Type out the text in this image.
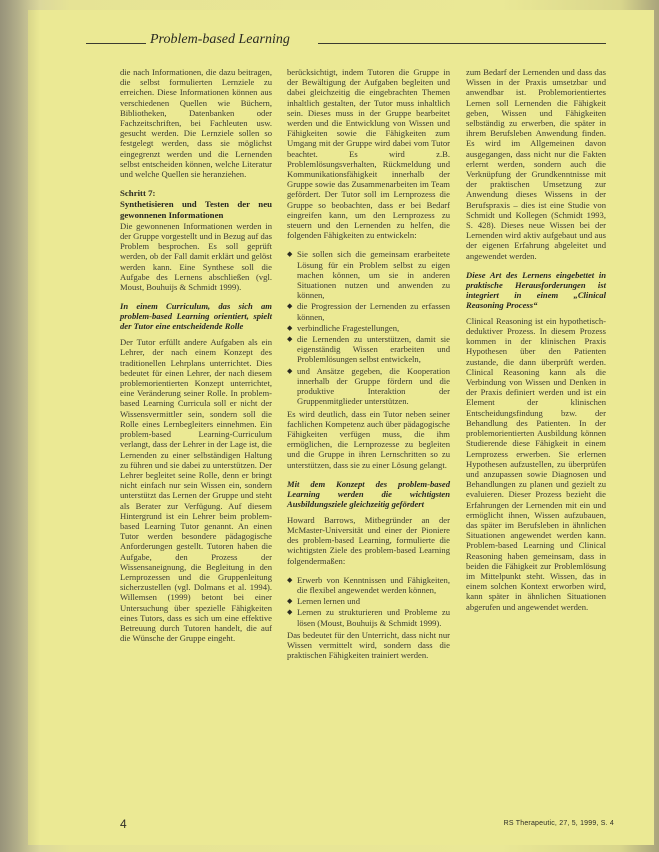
Problem-based Learning

die nach Informationen, die dazu beitragen, die selbst formulierten Lernziele zu erreichen. Diese Informationen können aus verschiedenen Quellen wie Büchern, Bibliotheken, Datenbanken oder Fachzeitschriften, bei Fachleuten usw. gesucht werden. Die Lernziele sollen so festgelegt werden, dass sie möglichst eingegrenzt werden und die Lernenden selbst entscheiden können, welche Literatur und welche Quellen sie heranziehen.

Schritt 7:
Synthetisieren und Testen der neu gewonnenen Informationen

Die gewonnenen Informationen werden in der Gruppe vorgestellt und in Bezug auf das Problem besprochen. Es soll geprüft werden, ob der Fall damit erklärt und gelöst werden kann. Eine Synthese soll die Aufgabe des Lernens abschließen (vgl. Moust, Bouhuijs & Schmidt 1999).

In einem Curriculum, das sich am problem-based Learning orientiert, spielt der Tutor eine entscheidende Rolle

Der Tutor erfüllt andere Aufgaben als ein Lehrer, der nach einem Konzept des traditionellen Lehrplans unterrichtet. Dies bedeutet für einen Lehrer, der nach diesem problemorientierten Konzept unterrichtet, eine Veränderung seiner Rolle. In problem-based Learning Curricula soll er nicht der Wissensvermittler sein, sondern soll die Rolle eines Lernbegleiters einnehmen. Ein problem-based Learning-Curriculum verlangt, dass der Lehrer in der Lage ist, die Lernenden zu einer selbständigen Haltung zu führen und sie dabei zu unterstützen. Der Lehrer begleitet seine Rolle, denn er bringt nicht einfach nur sein Wissen ein, sondern unterstützt das Lernen der Gruppe und steht als Berater zur Verfügung. Auf diesem Hintergrund ist ein Lehrer beim problem-based Learning Tutor genannt. An einen Tutor werden besondere pädagogische Anforderungen gestellt. Tutoren haben die Aufgabe, den Prozess der Wissensaneignung, die Begleitung in den Lernprozessen und die Gruppenleitung sicherzustellen (vgl. Dolmans et al. 1994). Willemsen (1999) betont bei einer Untersuchung über spezielle Fähigkeiten eines Tutors, dass es sich um eine effektive Betreuung durch Tutoren handelt, die auf die Wünsche der Gruppe eingeht.

berücksichtigt, indem Tutoren die Gruppe in der Bewältigung der Aufgaben begleiten und dabei gleichzeitig die eingebrachten Themen inhaltlich gestalten, der Tutor muss inhaltlich sein. Dieses muss in der Gruppe bearbeitet werden und die Entwicklung von Wissen und Fähigkeiten sowie die Fähigkeiten zum Umgang mit der Gruppe wird dabei vom Tutor beachtet. Es wird z.B. Problemlösungsverhalten, Rückmeldung und Kommunikationsfähigkeit innerhalb der Gruppe sowie das Zusammenarbeiten im Team gefördert. Der Tutor soll im Lernprozess die Gruppe so beobachten, dass er bei Bedarf eingreifen kann, um den Lernprozess zu steuern und den Lernenden zu helfen, die folgenden Fähigkeiten zu entwickeln:

◆ Sie sollen sich die gemeinsam erarbeitete Lösung für ein Problem selbst zu eigen machen können, um sie in anderen Situationen nutzen und anwenden zu können,
◆ die Progression der Lernenden zu erfassen können,
◆ verbindliche Fragestellungen,
◆ die Lernenden zu unterstützen, damit sie eigenständig Wissen erarbeiten und Problemlösungen selbst entwickeln,
◆ und Ansätze gegeben, die Kooperation innerhalb der Gruppe fördern und die produktive Interaktion der Gruppenmitglieder unterstützen.

Es wird deutlich, dass ein Tutor neben seiner fachlichen Kompetenz auch über pädagogische Fähigkeiten verfügen muss, die ihm ermöglichen, die Lernprozesse zu begleiten und die Gruppe in ihren Lernschritten so zu unterstützen, dass sie zu einer Lösung gelangt.

Mit dem Konzept des problem-based Learning werden die wichtigsten Ausbildungsziele gleichzeitig gefördert

Howard Barrows, Mitbegründer an der McMaster-Universität und einer der Pioniere des problem-based Learning, formulierte die wichtigsten Ziele des problem-based Learning folgendermaßen:

◆ Erwerb von Kenntnissen und Fähigkeiten, die flexibel angewendet werden können,
◆ Lernen lernen und
◆ Lernen zu strukturieren und Probleme zu lösen (Moust, Bouhuijs & Schmidt 1999).

Das bedeutet für den Unterricht, dass nicht nur Wissen vermittelt wird, sondern dass die praktischen Fähigkeiten trainiert werden.

zum Bedarf der Lernenden und dass das Wissen in der Praxis umsetzbar und anwendbar ist. Problemorientiertes Lernen soll Lernenden die Fähigkeit geben, Wissen und Fähigkeiten selbständig zu erwerben, die später in ihrem Berufsleben Anwendung finden. Es wird im Allgemeinen davon ausgegangen, dass nicht nur die Fakten erlernt werden, sondern auch die Verknüpfung der Grundkenntnisse mit der praktischen Umsetzung zur Anwendung dieses Wissens in der Berufspraxis – dies ist eine Studie von Schmidt und Kollegen (Schmidt 1993, S. 428). Dieses neue Wissen bei der Lernenden wird aktiv aufgebaut und aus der eigenen Erfahrung abgeleitet und angewendet werden.

Diese Art des Lernens eingebettet in praktische Herausforderungen ist integriert in einem „Clinical Reasoning Process“

Clinical Reasoning ist ein hypothetisch-deduktiver Prozess. In diesem Prozess kommen in der klinischen Praxis Hypothesen über den Patienten zustande, die dann überprüft werden. Clinical Reasoning kann als die Verbindung von Wissen und Denken in der Praxis definiert werden und ist ein Element der klinischen Entscheidungsfindung bzw. der Behandlung des Patienten. In der problemorientierten Ausbildung können Studierende diese Fähigkeit in einem Lernprozess erwerben. Sie erlernen Hypothesen aufzustellen, zu überprüfen und anzupassen sowie Diagnosen und Behandlungen zu planen und gezielt zu evaluieren. Dieser Prozess bezieht die Erfahrungen der Lernenden mit ein und ermöglicht ihnen, Wissen aufzubauen, das später im Berufsleben in ähnlichen Situationen angewendet werden kann. Problem-based Learning und Clinical Reasoning haben gemeinsam, dass in beiden die Fähigkeit zur Problemlösung im Mittelpunkt steht. Wissen, das in einem solchen Kontext erworben wird, kann später in ähnlichen Situationen abgerufen und angewendet werden.

4	RS Therapeutic, 27, 5, 1999, S. 4
